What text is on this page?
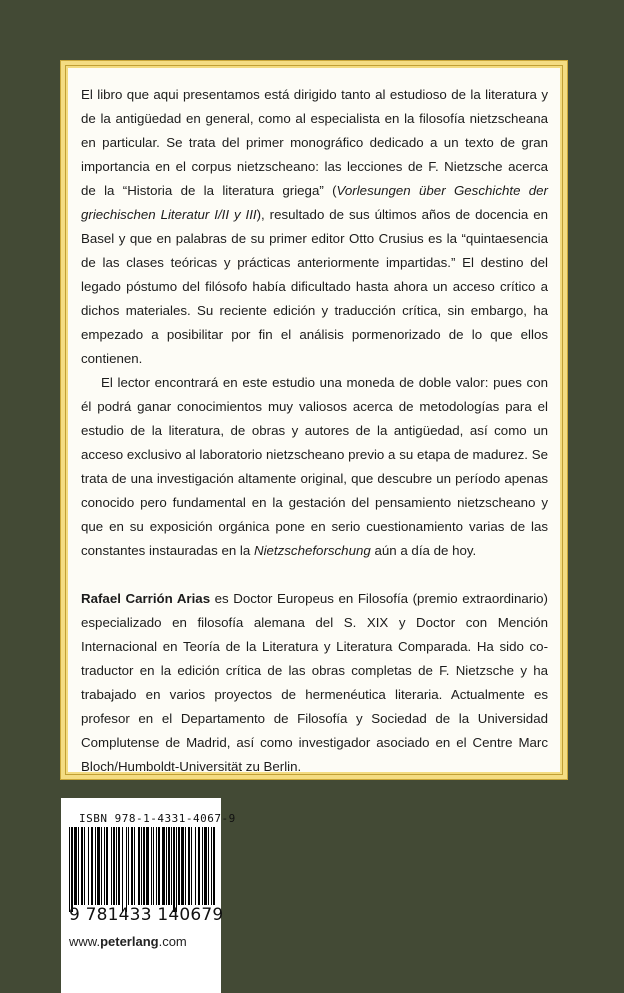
El libro que aqui presentamos está dirigido tanto al estudioso de la literatura y de la antigüedad en general, como al especialista en la filosofía nietzscheana en particular. Se trata del primer monográfico dedicado a un texto de gran importancia en el corpus nietzscheano: las lecciones de F. Nietzsche acerca de la “Historia de la literatura griega” (Vorlesungen über Geschichte der griechischen Literatur I/II y III), resultado de sus últimos años de docencia en Basel y que en palabras de su primer editor Otto Crusius es la “quintaesencia de las clases teóricas y prácticas anteriormente impartidas.” El destino del legado póstumo del filósofo había dificultado hasta ahora un acceso crítico a dichos materiales. Su reciente edición y traducción crítica, sin embargo, ha empezado a posibilitar por fin el análisis pormenorizado de lo que ellos contienen.

El lector encontrará en este estudio una moneda de doble valor: pues con él podrá ganar conocimientos muy valiosos acerca de metodologías para el estudio de la literatura, de obras y autores de la antigüedad, así como un acceso exclusivo al laboratorio nietzscheano previo a su etapa de madurez. Se trata de una investigación altamente original, que descubre un período apenas conocido pero fundamental en la gestación del pensamiento nietzscheano y que en su exposición orgánica pone en serio cuestionamiento varias de las constantes instauradas en la Nietzscheforschung aún a día de hoy.

Rafael Carrión Arias es Doctor Europeus en Filosofía (premio extraordinario) especializado en filosofía alemana del S. XIX y Doctor con Mención Internacional en Teoría de la Literatura y Literatura Comparada. Ha sido co-traductor en la edición crítica de las obras completas de F. Nietzsche y ha trabajado en varios proyectos de hermenéutica literaria. Actualmente es profesor en el Departamento de Filosofía y Sociedad de la Universidad Complutense de Madrid, así como investigador asociado en el Centre Marc Bloch/Humboldt-Universität zu Berlin.

ISBN 978-1-4331-4067-9
9 781433 140679
www.peterlang.com
